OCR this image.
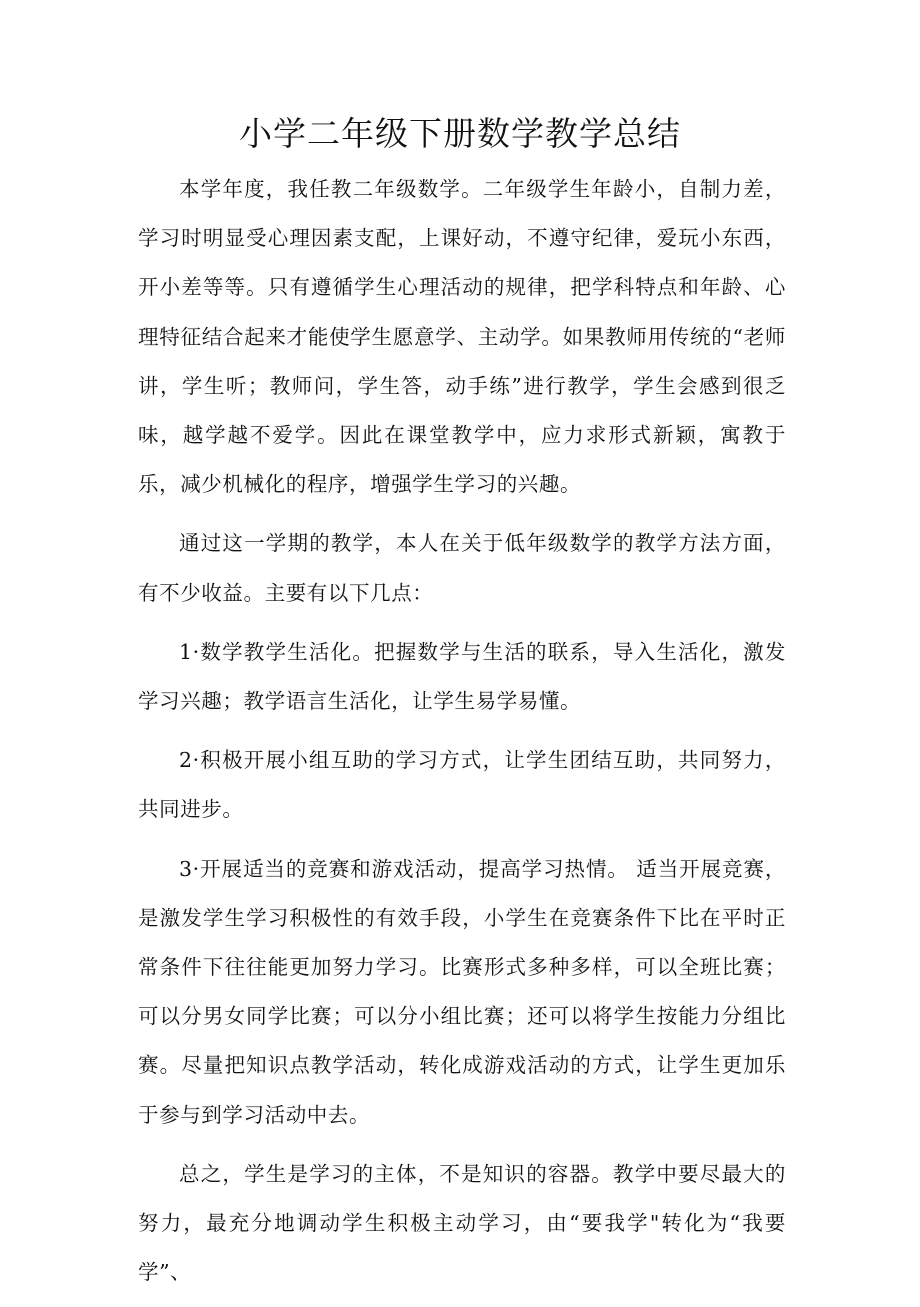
小学二年级下册数学教学总结

本学年度，我任教二年级数学。二年级学生年龄小，自制力差，学习时明显受心理因素支配，上课好动，不遵守纪律，爱玩小东西，开小差等等。只有遵循学生心理活动的规律，把学科特点和年龄、心理特征结合起来才能使学生愿意学、主动学。如果教师用传统的“老师讲，学生听；教师问，学生答，动手练”进行教学，学生会感到很乏味，越学越不爱学。因此在课堂教学中，应力求形式新颖，寓教于乐，减少机械化的程序，增强学生学习的兴趣。

通过这一学期的教学，本人在关于低年级数学的教学方法方面，有不少收益。主要有以下几点：

1·数学教学生活化。把握数学与生活的联系，导入生活化，激发学习兴趣；教学语言生活化，让学生易学易懂。

2·积极开展小组互助的学习方式，让学生团结互助，共同努力，共同进步。

3·开展适当的竞赛和游戏活动，提高学习热情。 适当开展竞赛，是激发学生学习积极性的有效手段，小学生在竞赛条件下比在平时正常条件下往往能更加努力学习。比赛形式多种多样，可以全班比赛；可以分男女同学比赛；可以分小组比赛；还可以将学生按能力分组比赛。尽量把知识点教学活动，转化成游戏活动的方式，让学生更加乐于参与到学习活动中去。

总之，学生是学习的主体，不是知识的容器。教学中要尽最大的努力，最充分地调动学生积极主动学习，由“要我学"转化为“我要学”、
